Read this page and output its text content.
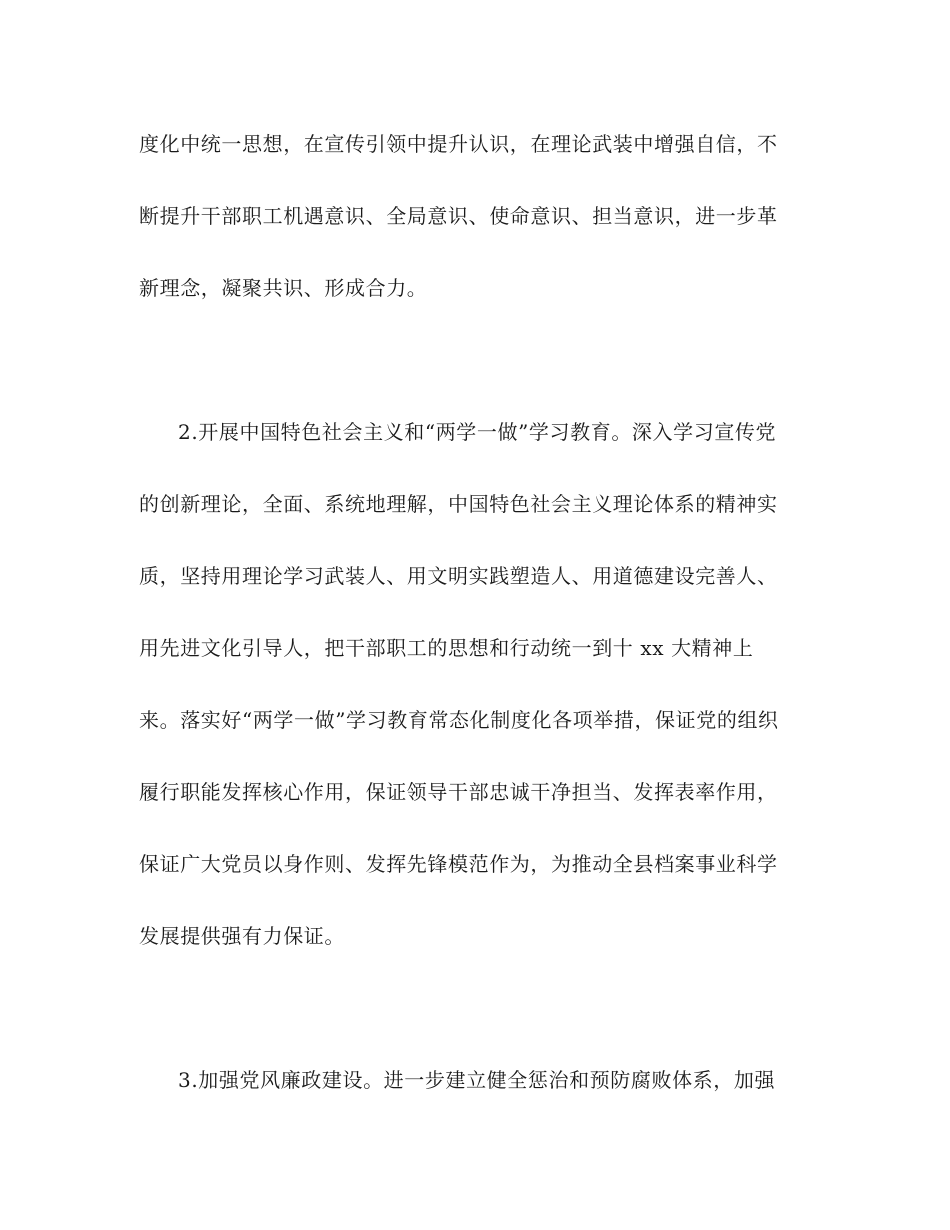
度化中统一思想，在宣传引领中提升认识，在理论武装中增强自信，不
断提升干部职工机遇意识、全局意识、使命意识、担当意识，进一步革
新理念，凝聚共识、形成合力。
2.开展中国特色社会主义和“两学一做”学习教育。深入学习宣传党
的创新理论，全面、系统地理解，中国特色社会主义理论体系的精神实
质，坚持用理论学习武装人、用文明实践塑造人、用道德建设完善人、
用先进文化引导人，把干部职工的思想和行动统一到十 xx 大精神上
来。落实好“两学一做”学习教育常态化制度化各项举措，保证党的组织
履行职能发挥核心作用，保证领导干部忠诚干净担当、发挥表率作用，
保证广大党员以身作则、发挥先锋模范作为，为推动全县档案事业科学
发展提供强有力保证。
3.加强党风廉政建设。进一步建立健全惩治和预防腐败体系，加强
